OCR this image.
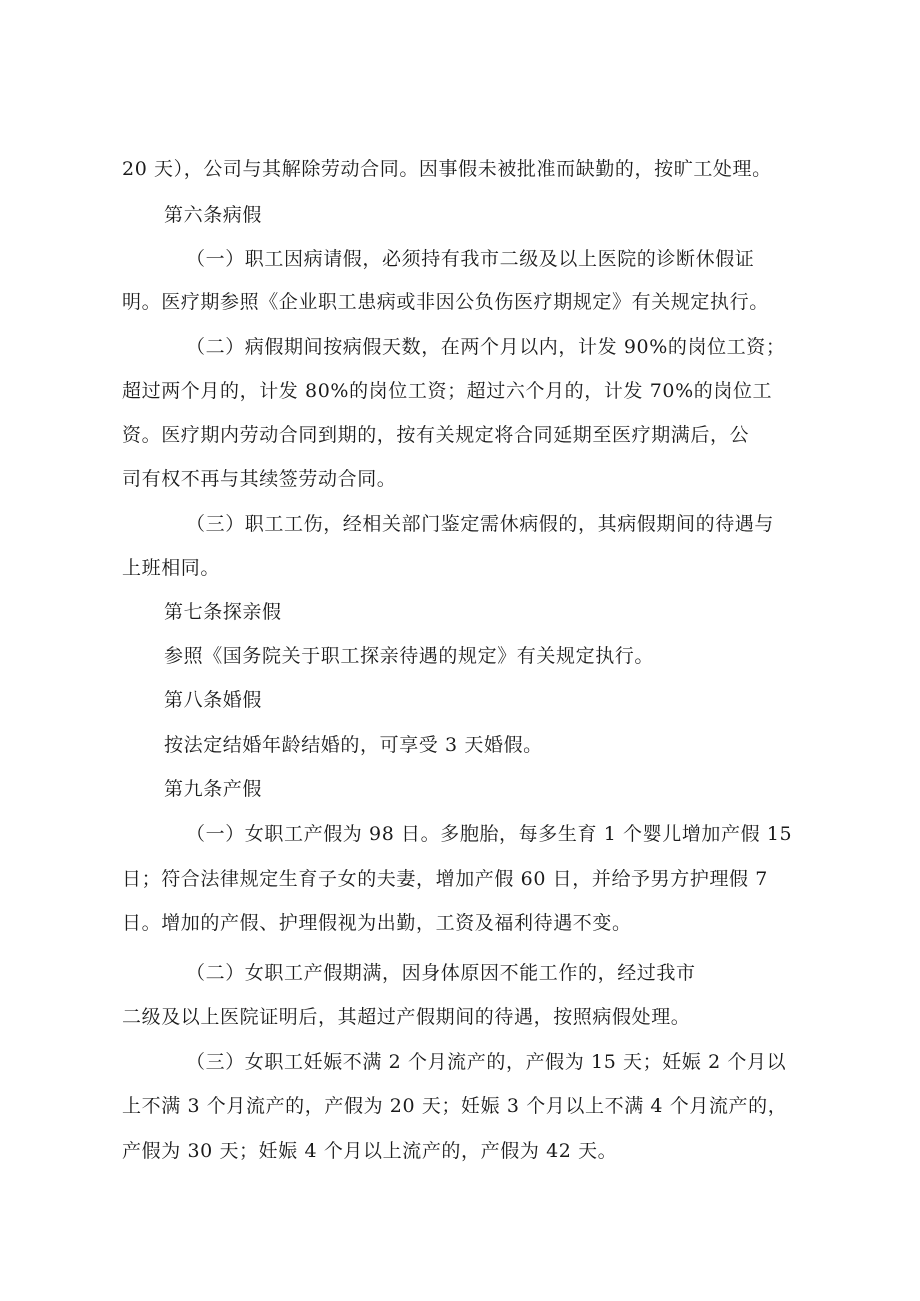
20 天），公司与其解除劳动合同。因事假未被批准而缺勤的，按旷工处理。
第六条病假
（一）职工因病请假，必须持有我市二级及以上医院的诊断休假证
明。医疗期参照《企业职工患病或非因公负伤医疗期规定》有关规定执行。
（二）病假期间按病假天数，在两个月以内，计发 90%的岗位工资；
超过两个月的，计发 80%的岗位工资；超过六个月的，计发 70%的岗位工
资。医疗期内劳动合同到期的，按有关规定将合同延期至医疗期满后，公
司有权不再与其续签劳动合同。
（三）职工工伤，经相关部门鉴定需休病假的，其病假期间的待遇与
上班相同。
第七条探亲假
参照《国务院关于职工探亲待遇的规定》有关规定执行。
第八条婚假
按法定结婚年龄结婚的，可享受 3 天婚假。
第九条产假
（一）女职工产假为 98 日。多胞胎，每多生育 1 个婴儿增加产假 15
日；符合法律规定生育子女的夫妻，增加产假 60 日，并给予男方护理假 7
日。增加的产假、护理假视为出勤，工资及福利待遇不变。
（二）女职工产假期满，因身体原因不能工作的，经过我市
二级及以上医院证明后，其超过产假期间的待遇，按照病假处理。
（三）女职工妊娠不满 2 个月流产的，产假为 15 天；妊娠 2 个月以
上不满 3 个月流产的，产假为 20 天；妊娠 3 个月以上不满 4 个月流产的，
产假为 30 天；妊娠 4 个月以上流产的，产假为 42 天。
